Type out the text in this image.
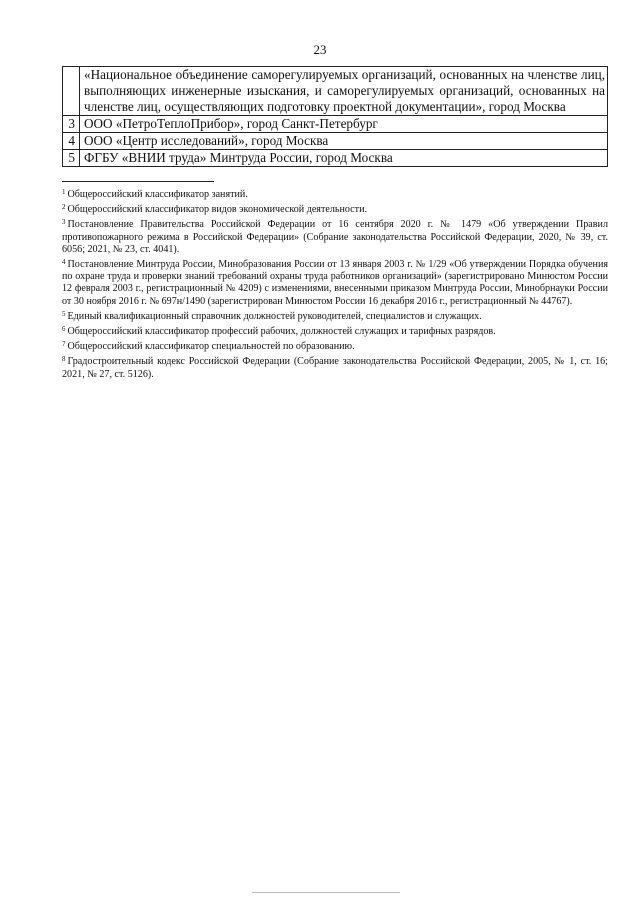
23
	«Национальное объединение саморегулируемых организаций, основанных на членстве лиц, выполняющих инженерные изыскания, и саморегулируемых организаций, основанных на членстве лиц, осуществляющих подготовку проектной документации», город Москва
3	ООО «ПетроТеплоПрибор», город Санкт-Петербург
4	ООО «Центр исследований», город Москва
5	ФГБУ «ВНИИ труда» Минтруда России, город Москва

$^1$ Общероссийский классификатор занятий.

$^2$ Общероссийский классификатор видов экономической деятельности.

$^3$ Постановление Правительства Российской Федерации от 16 сентября 2020 г. № 1479 «Об утверждении Правил противопожарного режима в Российской Федерации» (Собрание законодательства Российской Федерации, 2020, № 39, ст. 6056; 2021, № 23, ст. 4041).

$^4$ Постановление Минтруда России, Минобразования России от 13 января 2003 г. № 1/29 «Об утверждении Порядка обучения по охране труда и проверки знаний требований охраны труда работников организаций» (зарегистрировано Минюстом России 12 февраля 2003 г., регистрационный № 4209) с изменениями, внесенными приказом Минтруда России, Минобрнауки России от 30 ноября 2016 г. № 697н/1490 (зарегистрирован Минюстом России 16 декабря 2016 г., регистрационный № 44767).

$^5$ Единый квалификационный справочник должностей руководителей, специалистов и служащих.

$^6$ Общероссийский классификатор профессий рабочих, должностей служащих и тарифных разрядов.

$^7$ Общероссийский классификатор специальностей по образованию.

$^8$ Градостроительный кодекс Российской Федерации (Собрание законодательства Российской Федерации, 2005, № 1, ст. 16; 2021, № 27, ст. 5126).
